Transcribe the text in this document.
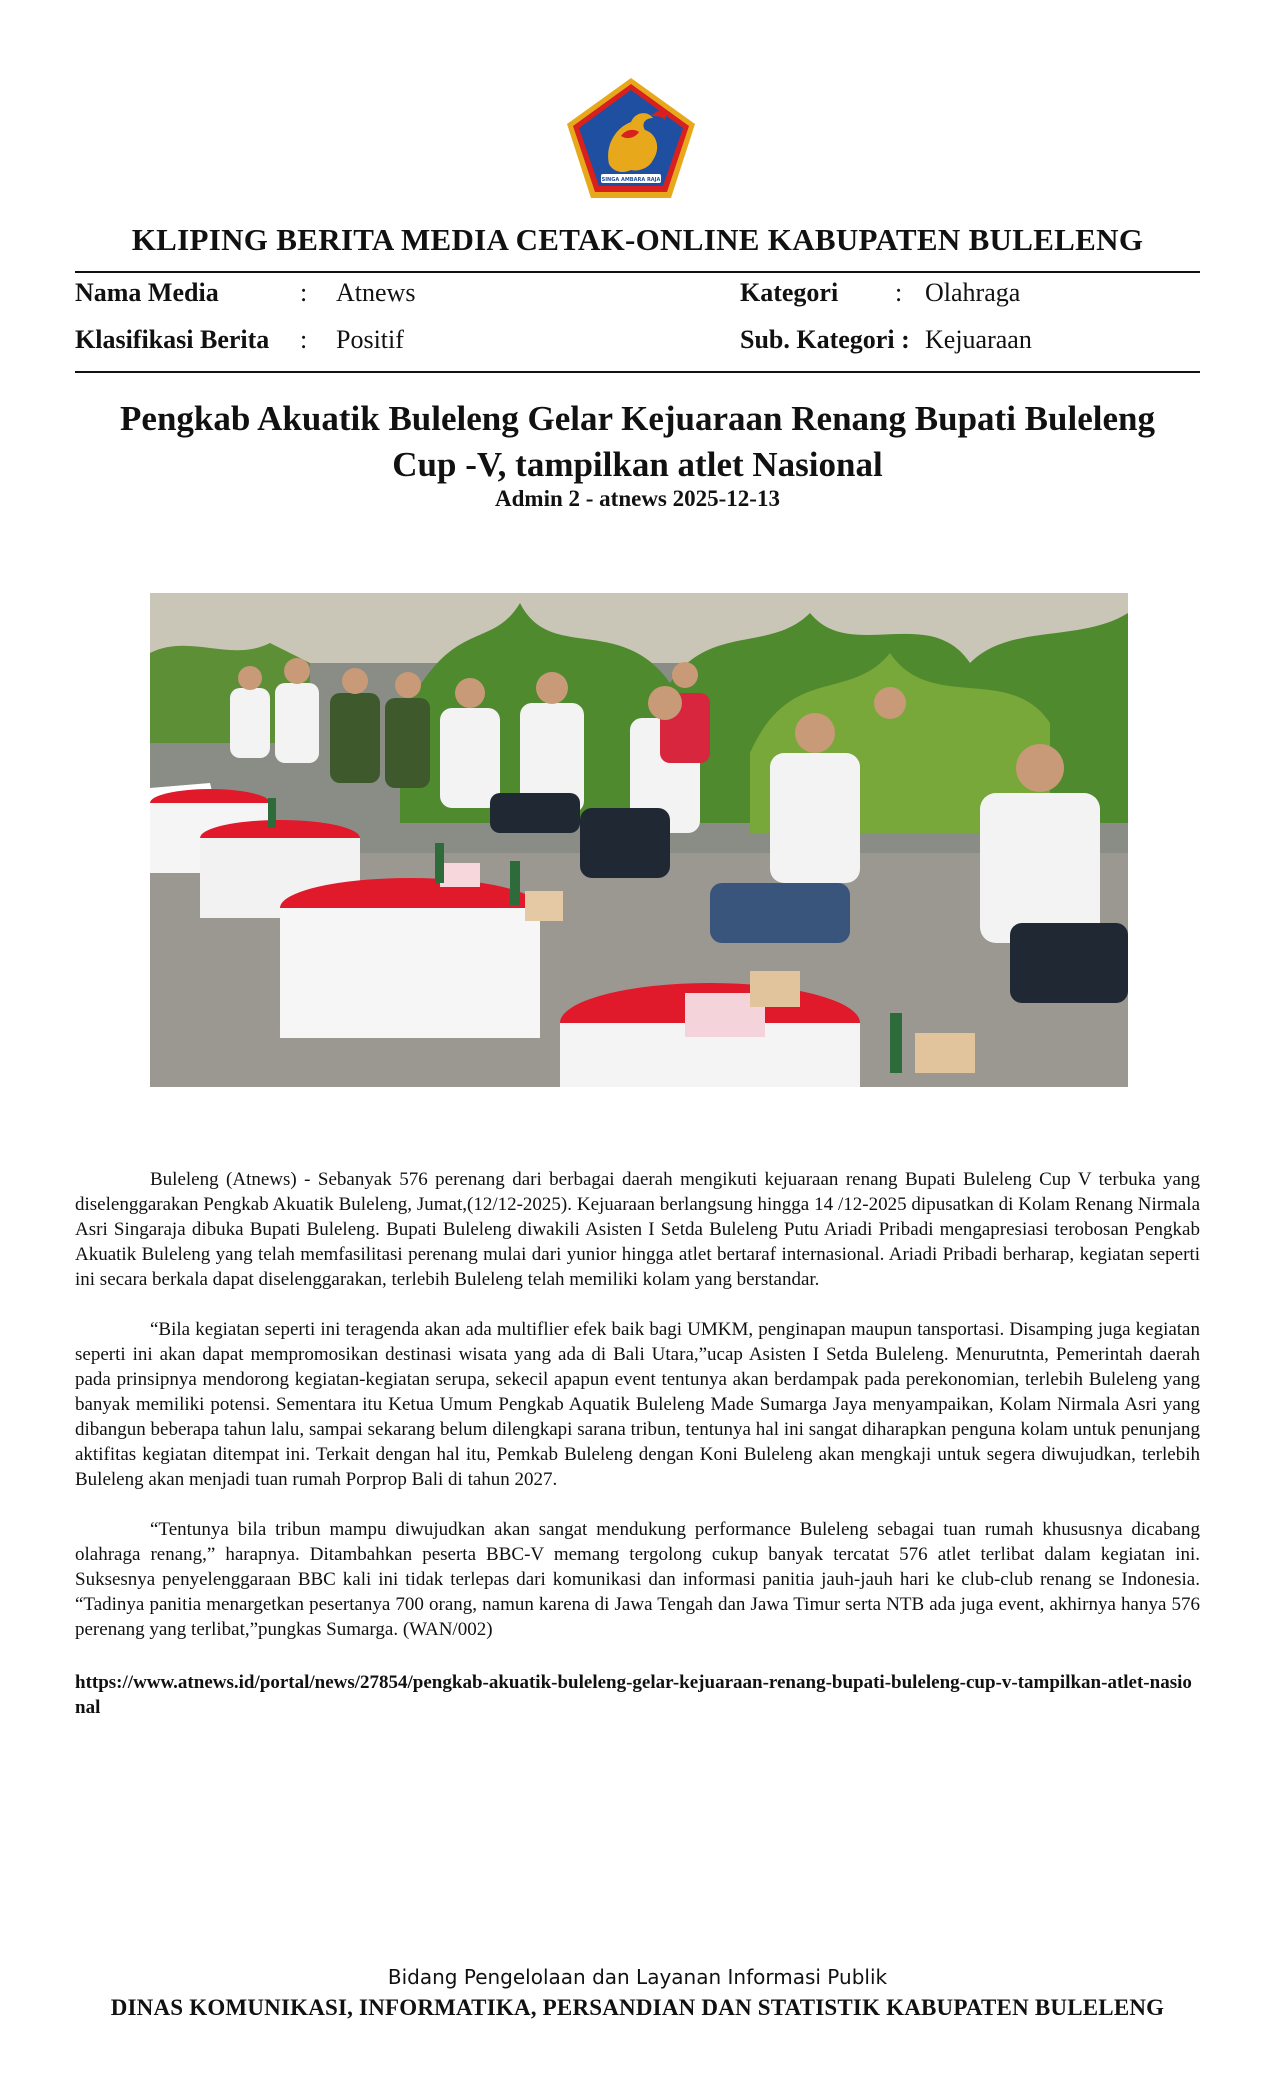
KLIPING BERITA MEDIA CETAK-ONLINE KABUPATEN BULELENG
Nama Media	: Atnews	Kategori : Olahraga
Klasifikasi Berita : Positif	Sub. Kategori : Kejuaraan
Pengkab Akuatik Buleleng Gelar Kejuaraan Renang Bupati Buleleng Cup -V, tampilkan atlet Nasional
Admin 2 - atnews 2025-12-13

Buleleng (Atnews) - Sebanyak 576 perenang dari berbagai daerah mengikuti kejuaraan renang Bupati Buleleng Cup V terbuka yang diselenggarakan Pengkab Akuatik Buleleng, Jumat,(12/12-2025). Kejuaraan berlangsung hingga 14 /12-2025 dipusatkan di Kolam Renang Nirmala Asri Singaraja dibuka Bupati Buleleng. Bupati Buleleng diwakili Asisten I Setda Buleleng Putu Ariadi Pribadi mengapresiasi terobosan Pengkab Akuatik Buleleng yang telah memfasilitasi perenang mulai dari yunior hingga atlet bertaraf internasional. Ariadi Pribadi berharap, kegiatan seperti ini secara berkala dapat diselenggarakan, terlebih Buleleng telah memiliki kolam yang berstandar.

“Bila kegiatan seperti ini teragenda akan ada multiflier efek baik bagi UMKM, penginapan maupun tansportasi. Disamping juga kegiatan seperti ini akan dapat mempromosikan destinasi wisata yang ada di Bali Utara,”ucap Asisten I Setda Buleleng. Menurutnta, Pemerintah daerah pada prinsipnya mendorong kegiatan-kegiatan serupa, sekecil apapun event tentunya akan berdampak pada perekonomian, terlebih Buleleng yang banyak memiliki potensi. Sementara itu Ketua Umum Pengkab Aquatik Buleleng Made Sumarga Jaya menyampaikan, Kolam Nirmala Asri yang dibangun beberapa tahun lalu, sampai sekarang belum dilengkapi sarana tribun, tentunya hal ini sangat diharapkan penguna kolam untuk penunjang aktifitas kegiatan ditempat ini. Terkait dengan hal itu, Pemkab Buleleng dengan Koni Buleleng akan mengkaji untuk segera diwujudkan, terlebih Buleleng akan menjadi tuan rumah Porprop Bali di tahun 2027.

“Tentunya bila tribun mampu diwujudkan akan sangat mendukung performance Buleleng sebagai tuan rumah khususnya dicabang olahraga renang,” harapnya. Ditambahkan peserta BBC-V memang tergolong cukup banyak tercatat 576 atlet terlibat dalam kegiatan ini. Suksesnya penyelenggaraan BBC kali ini tidak terlepas dari komunikasi dan informasi panitia jauh-jauh hari ke club-club renang se Indonesia. “Tadinya panitia menargetkan pesertanya 700 orang, namun karena di Jawa Tengah dan Jawa Timur serta NTB ada juga event, akhirnya hanya 576 perenang yang terlibat,”pungkas Sumarga. (WAN/002)

https://www.atnews.id/portal/news/27854/pengkab-akuatik-buleleng-gelar-kejuaraan-renang-bupati-buleleng-cup-v-tampilkan-atlet-nasional
Bidang Pengelolaan dan Layanan Informasi Publik
DINAS KOMUNIKASI, INFORMATIKA, PERSANDIAN DAN STATISTIK KABUPATEN BULELENG
SINGA AMBARA RAJA
